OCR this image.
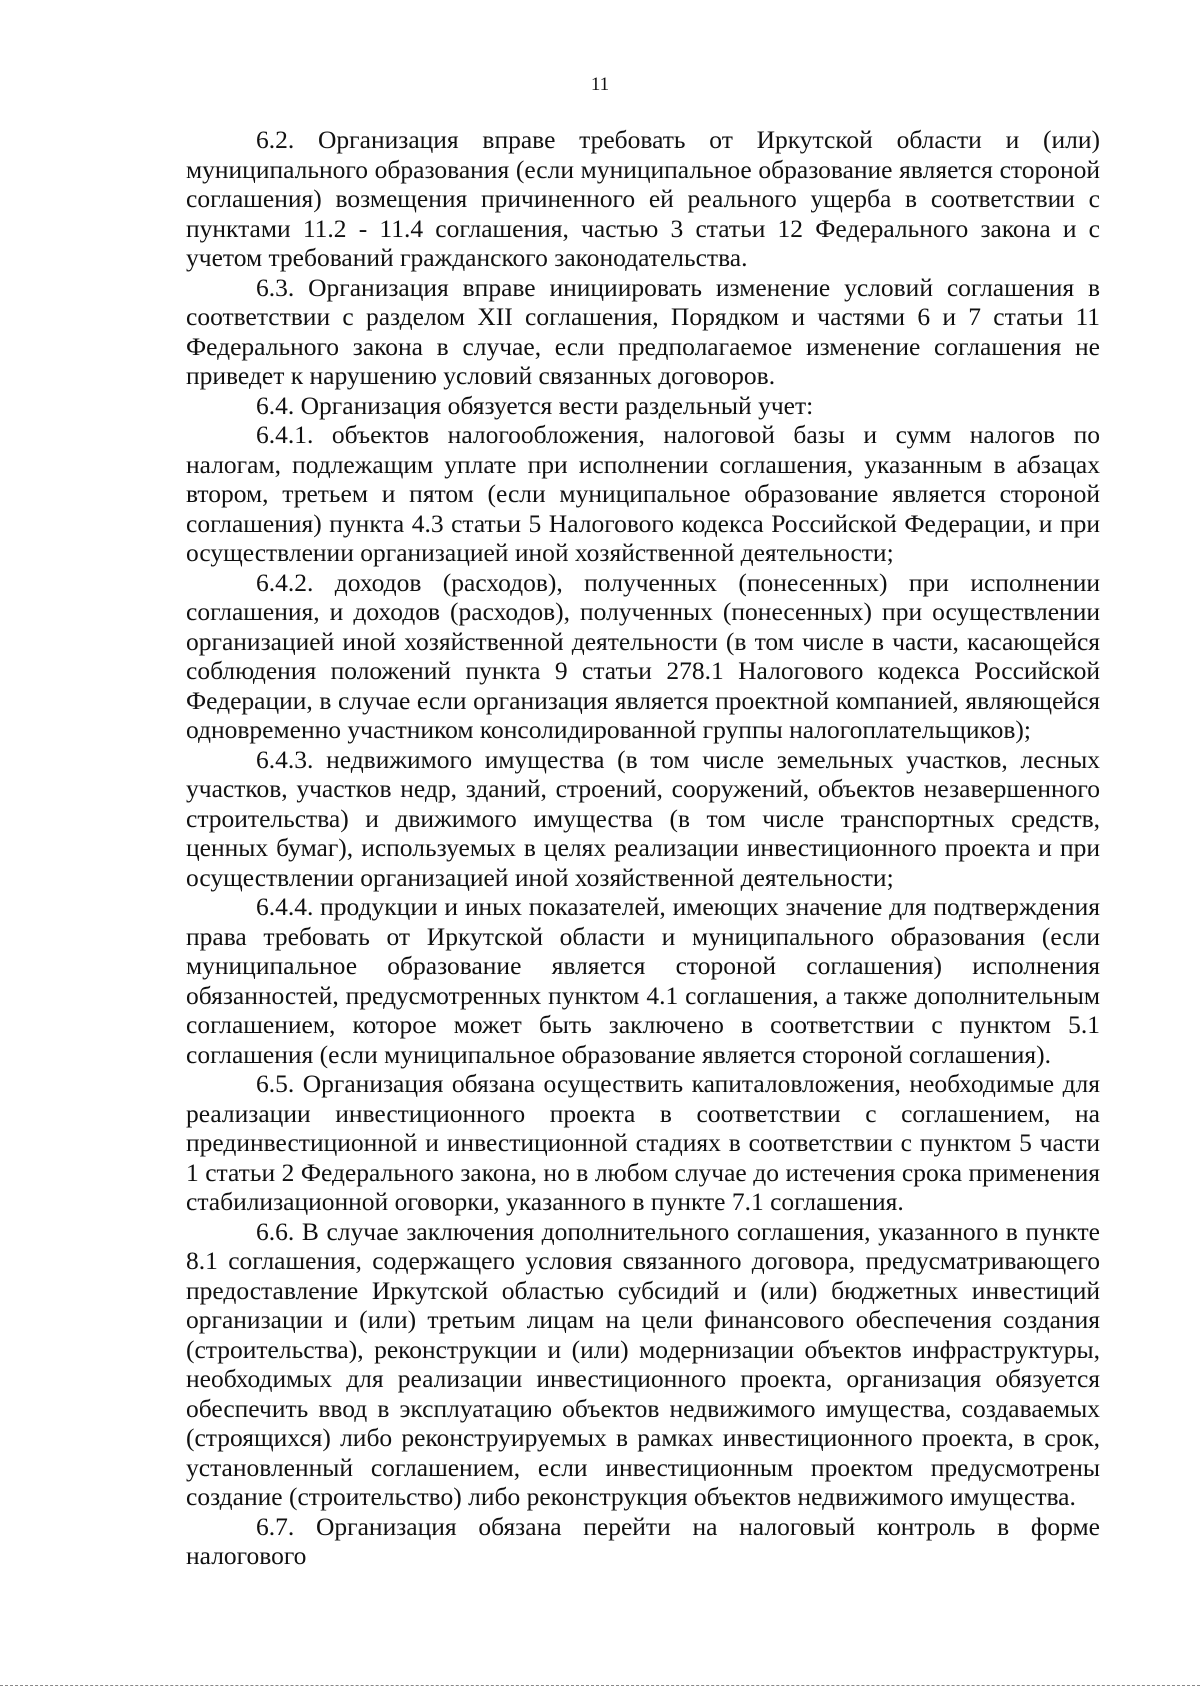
11

6.2. Организация вправе требовать от Иркутской области и (или) муниципального образования (если муниципальное образование является стороной соглашения) возмещения причиненного ей реального ущерба в соответствии с пунктами 11.2 - 11.4 соглашения, частью 3 статьи 12 Федерального закона и с учетом требований гражданского законодательства.

6.3. Организация вправе инициировать изменение условий соглашения в соответствии с разделом XII соглашения, Порядком и частями 6 и 7 статьи 11 Федерального закона в случае, если предполагаемое изменение соглашения не приведет к нарушению условий связанных договоров.

6.4. Организация обязуется вести раздельный учет:

6.4.1. объектов налогообложения, налоговой базы и сумм налогов по налогам, подлежащим уплате при исполнении соглашения, указанным в абзацах втором, третьем и пятом (если муниципальное образование является стороной соглашения) пункта 4.3 статьи 5 Налогового кодекса Российской Федерации, и при осуществлении организацией иной хозяйственной деятельности;

6.4.2. доходов (расходов), полученных (понесенных) при исполнении соглашения, и доходов (расходов), полученных (понесенных) при осуществлении организацией иной хозяйственной деятельности (в том числе в части, касающейся соблюдения положений пункта 9 статьи 278.1 Налогового кодекса Российской Федерации, в случае если организация является проектной компанией, являющейся одновременно участником консолидированной группы налогоплательщиков);

6.4.3. недвижимого имущества (в том числе земельных участков, лесных участков, участков недр, зданий, строений, сооружений, объектов незавершенного строительства) и движимого имущества (в том числе транспортных средств, ценных бумаг), используемых в целях реализации инвестиционного проекта и при осуществлении организацией иной хозяйственной деятельности;

6.4.4. продукции и иных показателей, имеющих значение для подтверждения права требовать от Иркутской области и муниципального образования (если муниципальное образование является стороной соглашения) исполнения обязанностей, предусмотренных пунктом 4.1 соглашения, а также дополнительным соглашением, которое может быть заключено в соответствии с пунктом 5.1 соглашения (если муниципальное образование является стороной соглашения).

6.5. Организация обязана осуществить капиталовложения, необходимые для реализации инвестиционного проекта в соответствии с соглашением, на прединвестиционной и инвестиционной стадиях в соответствии с пунктом 5 части 1 статьи 2 Федерального закона, но в любом случае до истечения срока применения стабилизационной оговорки, указанного в пункте 7.1 соглашения.

6.6. В случае заключения дополнительного соглашения, указанного в пункте 8.1 соглашения, содержащего условия связанного договора, предусматривающего предоставление Иркутской областью субсидий и (или) бюджетных инвестиций организации и (или) третьим лицам на цели финансового обеспечения создания (строительства), реконструкции и (или) модернизации объектов инфраструктуры, необходимых для реализации инвестиционного проекта, организация обязуется обеспечить ввод в эксплуатацию объектов недвижимого имущества, создаваемых (строящихся) либо реконструируемых в рамках инвестиционного проекта, в срок, установленный соглашением, если инвестиционным проектом предусмотрены создание (строительство) либо реконструкция объектов недвижимого имущества.

6.7. Организация обязана перейти на налоговый контроль в форме налогового
